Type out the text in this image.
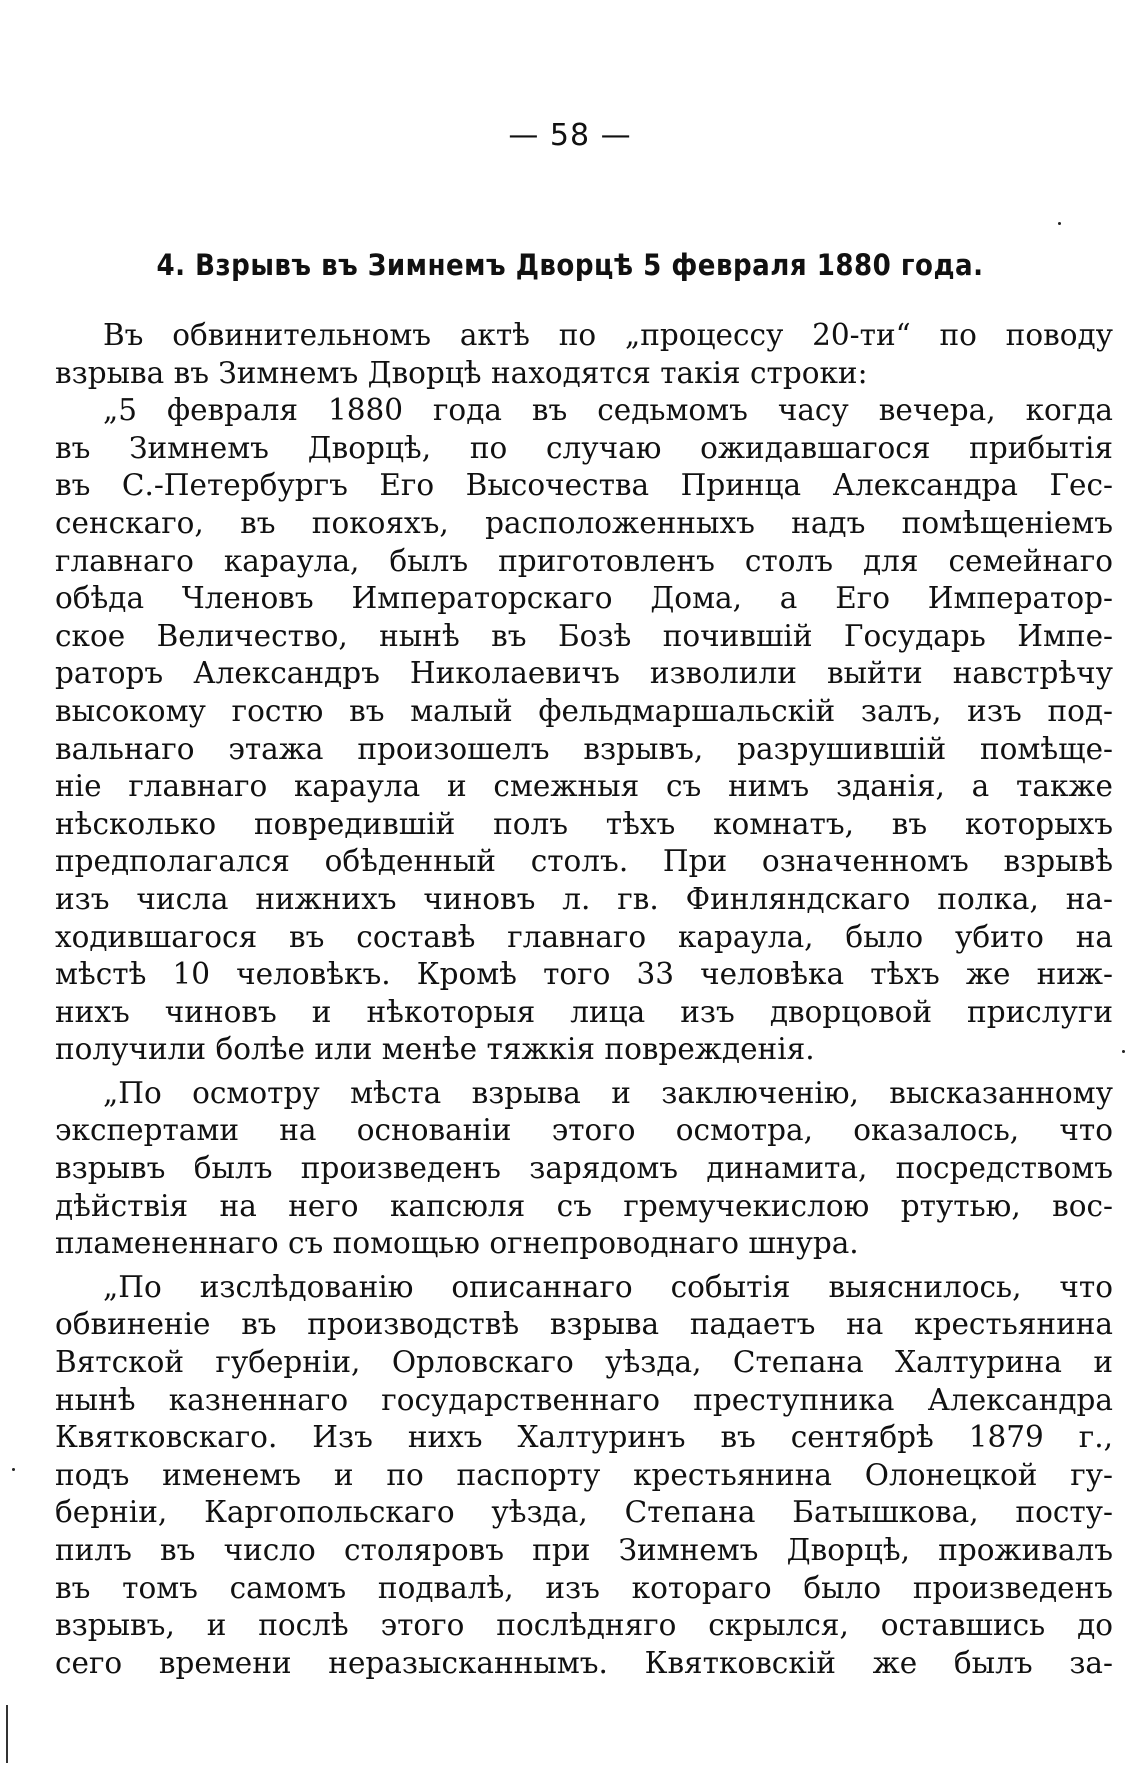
— 58 —
4. Взрывъ въ Зимнемъ Дворцѣ 5 февраля 1880 года.
Въ обвинительномъ актѣ по „процессу 20-ти“ по поводу
взрыва въ Зимнемъ Дворцѣ находятся такія строки:
„5 февраля 1880 года въ седьмомъ часу вечера, когда
въ Зимнемъ Дворцѣ, по случаю ожидавшагося прибытія
въ С.-Петербургъ Его Высочества Принца Александра Гес-
сенскаго, въ покояхъ, расположенныхъ надъ помѣщеніемъ
главнаго караула, былъ приготовленъ столъ для семейнаго
обѣда Членовъ Императорскаго Дома, а Его Император-
ское Величество, нынѣ въ Бозѣ почившій Государь Импе-
раторъ Александръ Николаевичъ изволили выйти навстрѣчу
высокому гостю въ малый фельдмаршальскій залъ, изъ под-
вальнаго этажа произошелъ взрывъ, разрушившій помѣще-
ніе главнаго караула и смежныя съ нимъ зданія, а также
нѣсколько повредившій полъ тѣхъ комнатъ, въ которыхъ
предполагался обѣденный столъ. При означенномъ взрывѣ
изъ числа нижнихъ чиновъ л. гв. Финляндскаго полка, на-
ходившагося въ составѣ главнаго караула, было убито на
мѣстѣ 10 человѣкъ. Кромѣ того 33 человѣка тѣхъ же ниж-
нихъ чиновъ и нѣкоторыя лица изъ дворцовой прислуги
получили болѣе или менѣе тяжкія поврежденія.
„По осмотру мѣста взрыва и заключенію, высказанному
экспертами на основаніи этого осмотра, оказалось, что
взрывъ былъ произведенъ зарядомъ динамита, посредствомъ
дѣйствія на него капсюля съ гремучекислою ртутью, вос-
пламененнаго съ помощью огнепроводнаго шнура.
„По изслѣдованію описаннаго событія выяснилось, что
обвиненіе въ производствѣ взрыва падаетъ на крестьянина
Вятской губерніи, Орловскаго уѣзда, Степана Халтурина и
нынѣ казненнаго государственнаго преступника Александра
Квятковскаго. Изъ нихъ Халтуринъ въ сентябрѣ 1879 г.,
подъ именемъ и по паспорту крестьянина Олонецкой гу-
берніи, Каргопольскаго уѣзда, Степана Батышкова, посту-
пилъ въ число столяровъ при Зимнемъ Дворцѣ, проживалъ
въ томъ самомъ подвалѣ, изъ котораго было произведенъ
взрывъ, и послѣ этого послѣдняго скрылся, оставшись до
сего времени неразысканнымъ. Квятковскій же былъ за-
